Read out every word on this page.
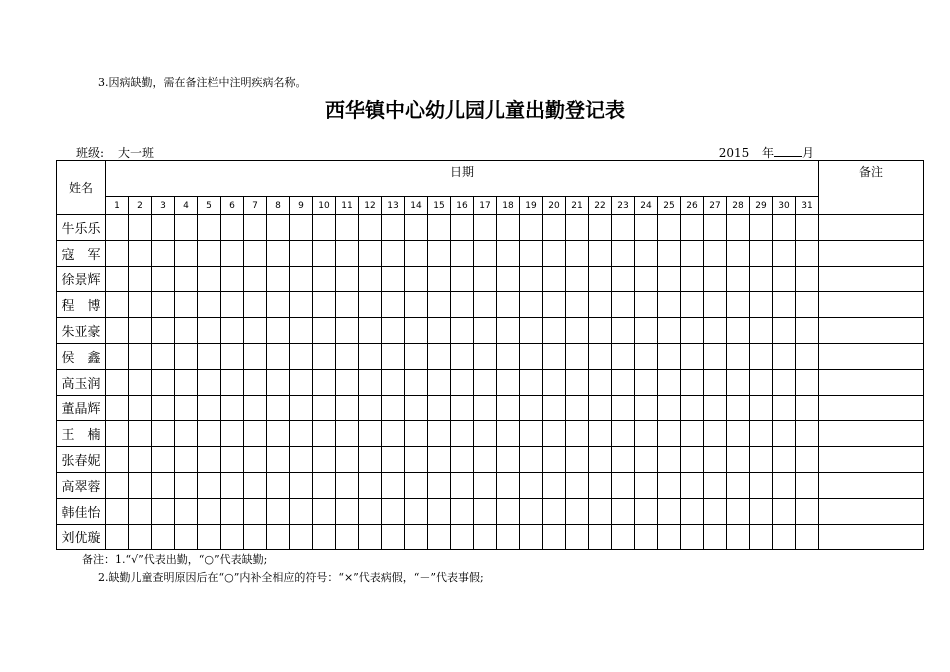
3.因病缺勤，需在备注栏中注明疾病名称。
西华镇中心幼儿园儿童出勤登记表
班级: 大一班	2015 年 月
姓名	日期																															备注
	1	2	3	4	5	6	7	8	9	10	11	12	13	14	15	16	17	18	19	20	21	22	23	24	25	26	27	28	29	30	31	
牛乐乐																																
寇　军																																
徐景辉																																
程　博																																
朱亚豪																																
侯　鑫																																
高玉润																																
董晶辉																																
王　楠																																
张春妮																																
高翠蓉																																
韩佳怡																																
刘优璇																																
备注：1.“√”代表出勤，“○”代表缺勤;
2.缺勤儿童查明原因后在“○”内补全相应的符号：“×”代表病假，“－”代表事假;
